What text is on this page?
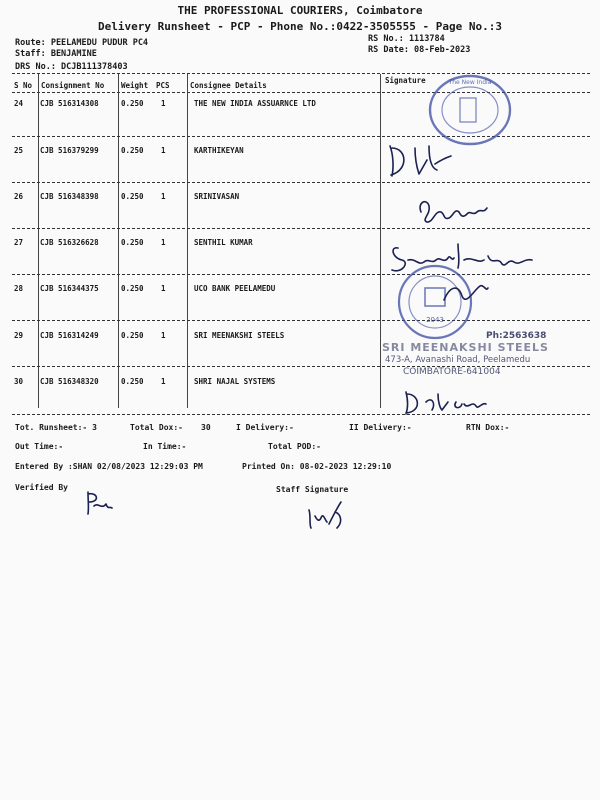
THE PROFESSIONAL COURIERS, Coimbatore
Delivery Runsheet - PCP - Phone No.:0422-3505555 - Page No.:3
Route: PEELAMEDU PUDUR PC4
Staff: BENJAMINE
DRS No.: DCJB111378403
RS No.: 1113784
RS Date: 08-Feb-2023
S No Consignment No Weight PCS	Consignee Details
Signature
24 CJB 516314308	0.250 1	THE NEW INDIA ASSUARNCE LTD
25 CJB 516379299	0.250 1	KARTHIKEYAN
26 CJB 516348398	0.250 1	SRINIVASAN
27 CJB 516326628	0.250 1	SENTHIL KUMAR
28 CJB 516344375	0.250 1	UCO BANK PEELAMEDU
29 CJB 516314249	0.250 1	SRI MEENAKSHI STEELS
30 CJB 516348320	0.250 1	SHRI NAJAL SYSTEMS
The New India
2043
Ph:2563638
SRI MEENAKSHI STEELS
473-A, Avanashi Road, Peelamedu
COIMBATORE-641004
Tot. Runsheet:- 3	Total Dox:- 30	I Delivery:-	II Delivery:-	RTN Dox:-
Out Time:-	In Time:-	Total POD:-
Entered By :SHAN 02/08/2023 12:29:03 PM	Printed On: 08-02-2023 12:29:10
Verified By	Staff Signature
